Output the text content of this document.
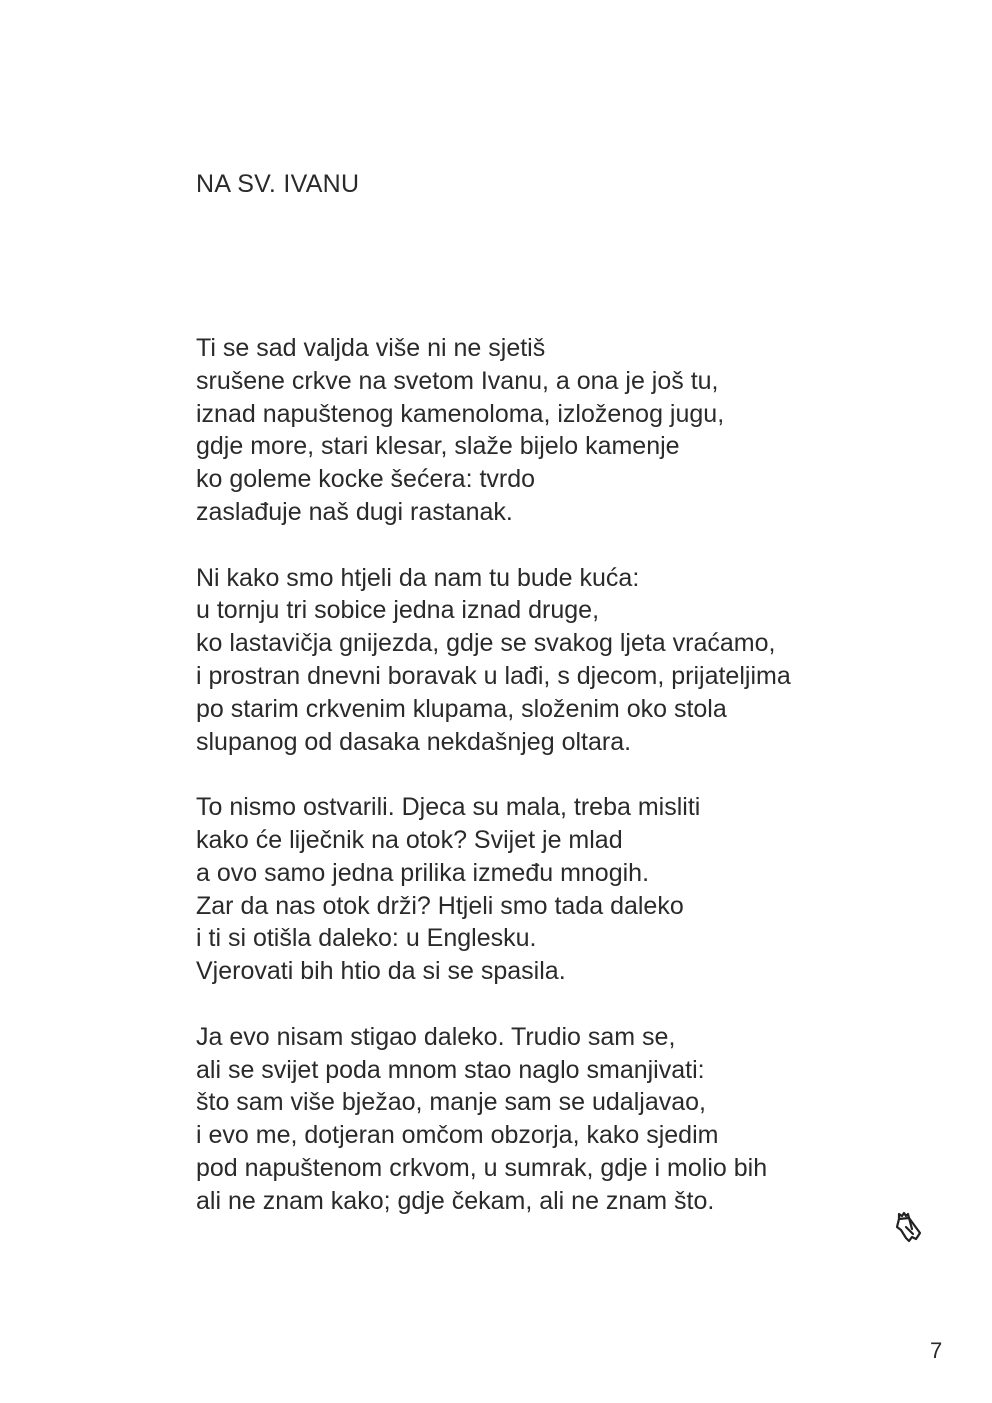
NA SV. IVANU

Ti se sad valjda više ni ne sjetiš
srušene crkve na svetom Ivanu, a ona je još tu,
iznad napuštenog kamenoloma, izloženog jugu,
gdje more, stari klesar, slaže bijelo kamenje
ko goleme kocke šećera: tvrdo
zaslađuje naš dugi rastanak.

Ni kako smo htjeli da nam tu bude kuća:
u tornju tri sobice jedna iznad druge,
ko lastavičja gnijezda, gdje se svakog ljeta vraćamo,
i prostran dnevni boravak u lađi, s djecom, prijateljima
po starim crkvenim klupama, složenim oko stola
slupanog od dasaka nekdašnjeg oltara.

To nismo ostvarili. Djeca su mala, treba misliti
kako će liječnik na otok? Svijet je mlad
a ovo samo jedna prilika između mnogih.
Zar da nas otok drži? Htjeli smo tada daleko
i ti si otišla daleko: u Englesku.
Vjerovati bih htio da si se spasila.

Ja evo nisam stigao daleko. Trudio sam se,
ali se svijet poda mnom stao naglo smanjivati:
što sam više bježao, manje sam se udaljavao,
i evo me, dotjeran omčom obzorja, kako sjedim
pod napuštenom crkvom, u sumrak, gdje i molio bih
ali ne znam kako; gdje čekam, ali ne znam što.

7
